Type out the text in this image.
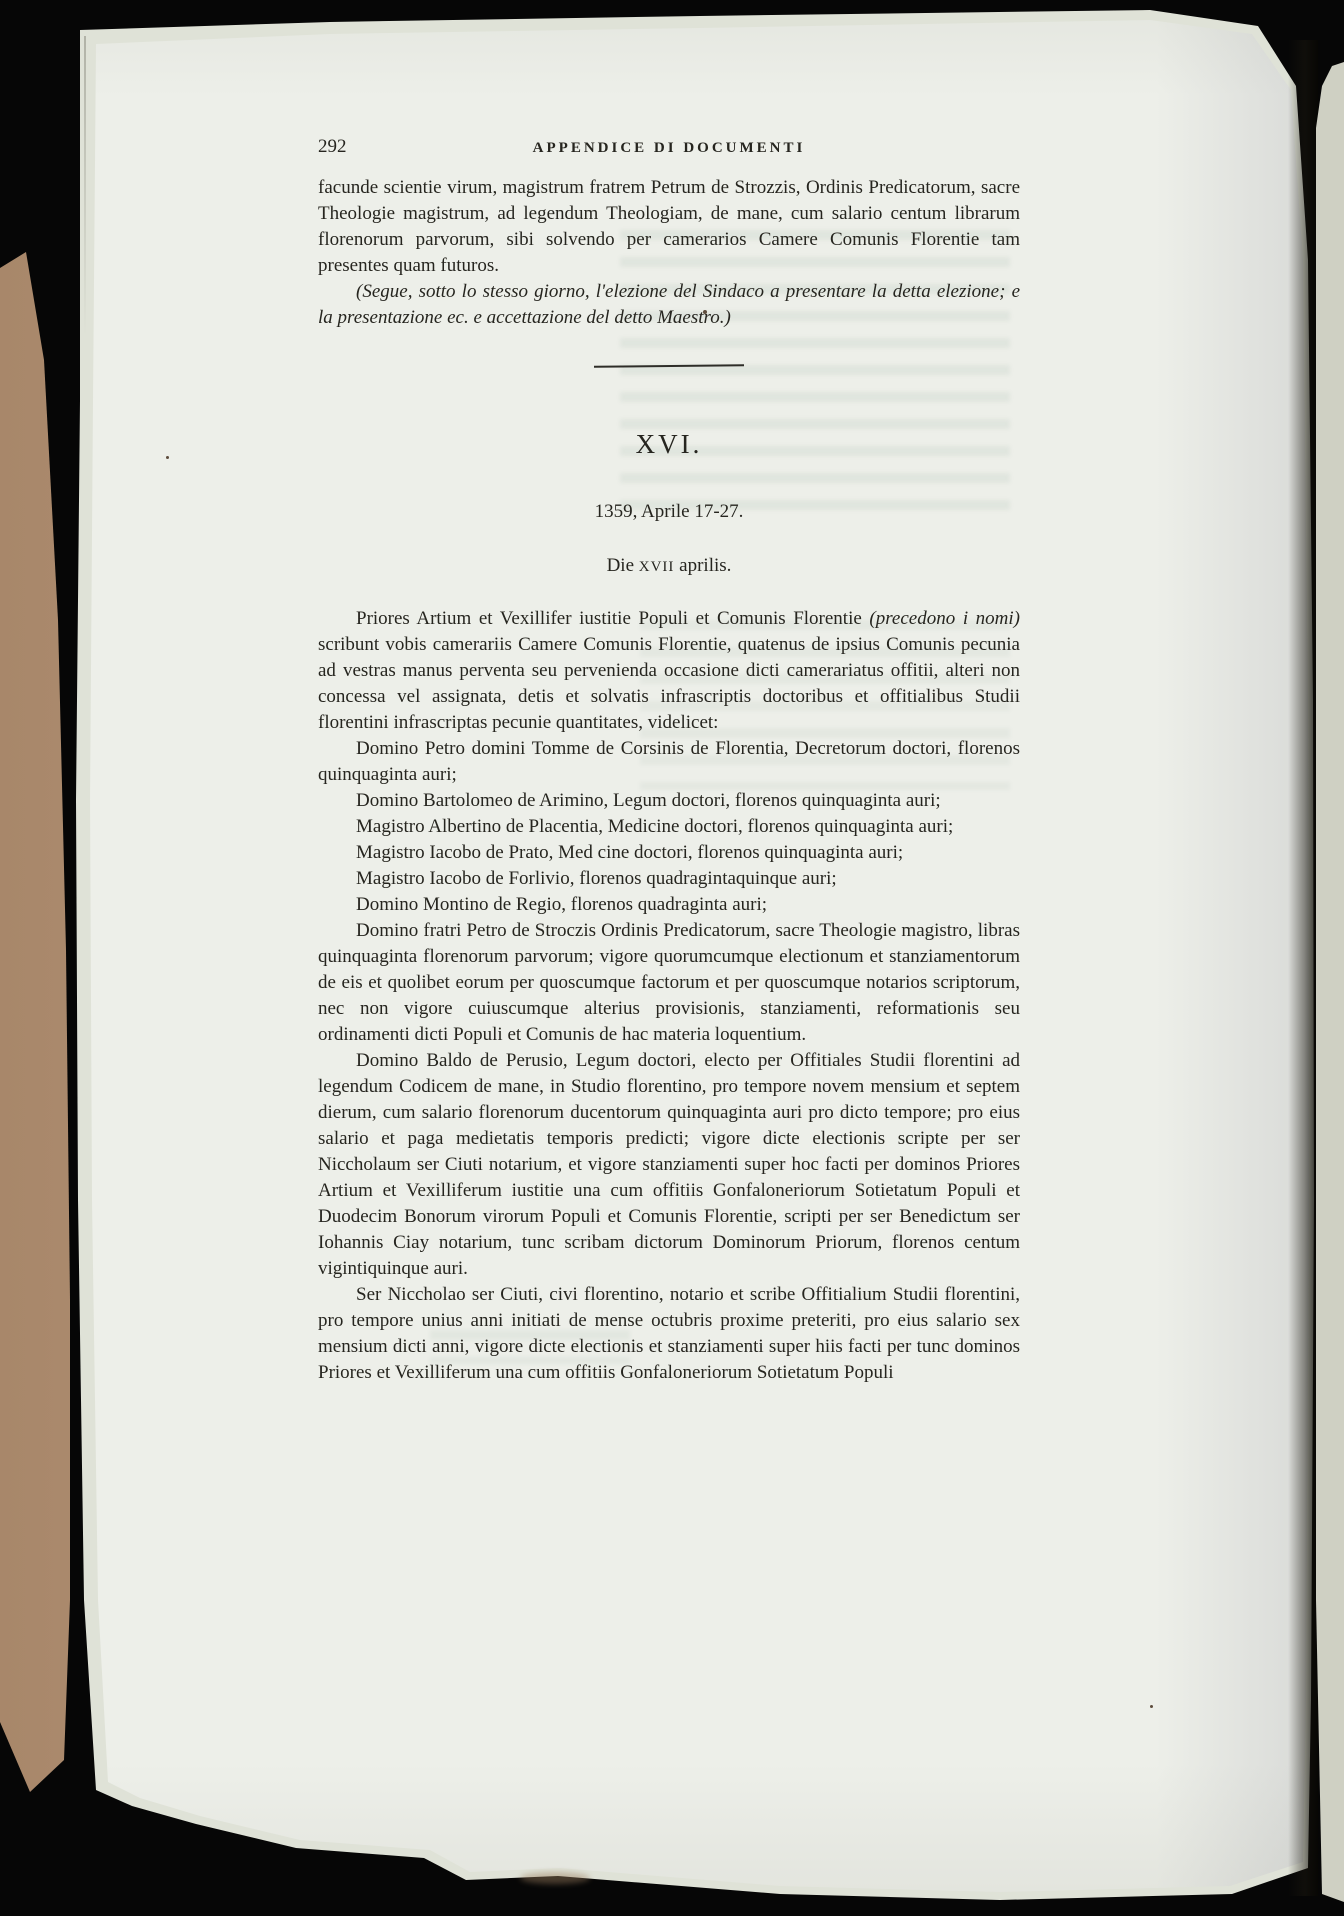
292	APPENDICE DI DOCUMENTI

facunde scientie virum, magistrum fratrem Petrum de Strozzis, Ordinis Predicatorum, sacre Theologie magistrum, ad legendum Theologiam, de mane, cum salario centum librarum florenorum parvorum, sibi solvendo per camerarios Camere Comunis Florentie tam presentes quam futuros.

(Segue, sotto lo stesso giorno, l'elezione del Sindaco a presentare la detta elezione; e la presentazione ec. e accettazione del detto Maestro.)

XVI.
1359, Aprile 17-27.
Die XVII aprilis.

Priores Artium et Vexillifer iustitie Populi et Comunis Florentie (precedono i nomi) scribunt vobis camerariis Camere Comunis Florentie, quatenus de ipsius Comunis pecunia ad vestras manus perventa seu pervenienda occasione dicti camerariatus offitii, alteri non concessa vel assignata, detis et solvatis infrascriptis doctoribus et offitialibus Studii florentini infrascriptas pecunie quantitates, videlicet:

Domino Petro domini Tomme de Corsinis de Florentia, Decretorum doctori, florenos quinquaginta auri;

Domino Bartolomeo de Arimino, Legum doctori, florenos quinquaginta auri;

Magistro Albertino de Placentia, Medicine doctori, florenos quinquaginta auri;

Magistro Iacobo de Prato, Med cine doctori, florenos quinquaginta auri;

Magistro Iacobo de Forlivio, florenos quadragintaquinque auri;

Domino Montino de Regio, florenos quadraginta auri;

Domino fratri Petro de Stroczis Ordinis Predicatorum, sacre Theologie magistro, libras quinquaginta florenorum parvorum; vigore quorumcumque electionum et stanziamentorum de eis et quolibet eorum per quoscumque factorum et per quoscumque notarios scriptorum, nec non vigore cuiuscumque alterius provisionis, stanziamenti, reformationis seu ordinamenti dicti Populi et Comunis de hac materia loquentium.

Domino Baldo de Perusio, Legum doctori, electo per Offitiales Studii florentini ad legendum Codicem de mane, in Studio florentino, pro tempore novem mensium et septem dierum, cum salario florenorum ducentorum quinquaginta auri pro dicto tempore; pro eius salario et paga medietatis temporis predicti; vigore dicte electionis scripte per ser Niccholaum ser Ciuti notarium, et vigore stanziamenti super hoc facti per dominos Priores Artium et Vexilliferum iustitie una cum offitiis Gonfaloneriorum Sotietatum Populi et Duodecim Bonorum virorum Populi et Comunis Florentie, scripti per ser Benedictum ser Iohannis Ciay notarium, tunc scribam dictorum Dominorum Priorum, florenos centum vigintiquinque auri.

Ser Niccholao ser Ciuti, civi florentino, notario et scribe Offitialium Studii florentini, pro tempore unius anni initiati de mense octubris proxime preteriti, pro eius salario sex mensium dicti anni, vigore dicte electionis et stanziamenti super hiis facti per tunc dominos Priores et Vexilliferum una cum offitiis Gonfaloneriorum Sotietatum Populi
